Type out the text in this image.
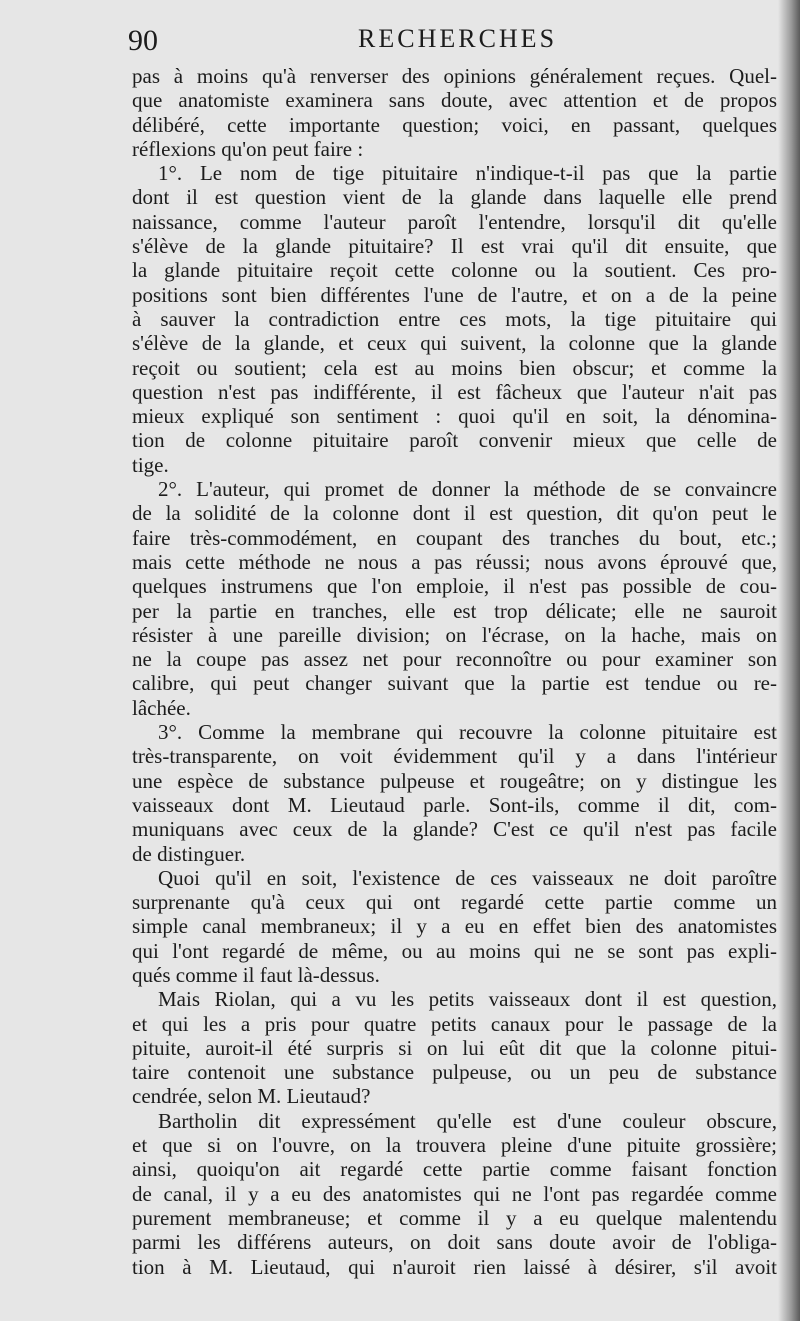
90	RECHERCHES
pas à moins qu'à renverser des opinions généralement reçues. Quel-
que anatomiste examinera sans doute, avec attention et de propos
délibéré, cette importante question; voici, en passant, quelques
réflexions qu'on peut faire :
1°. Le nom de tige pituitaire n'indique-t-il pas que la partie
dont il est question vient de la glande dans laquelle elle prend
naissance, comme l'auteur paroît l'entendre, lorsqu'il dit qu'elle
s'élève de la glande pituitaire? Il est vrai qu'il dit ensuite, que
la glande pituitaire reçoit cette colonne ou la soutient. Ces pro-
positions sont bien différentes l'une de l'autre, et on a de la peine
à sauver la contradiction entre ces mots, la tige pituitaire qui
s'élève de la glande, et ceux qui suivent, la colonne que la glande
reçoit ou soutient; cela est au moins bien obscur; et comme la
question n'est pas indifférente, il est fâcheux que l'auteur n'ait pas
mieux expliqué son sentiment : quoi qu'il en soit, la dénomina-
tion de colonne pituitaire paroît convenir mieux que celle de
tige.
2°. L'auteur, qui promet de donner la méthode de se convaincre
de la solidité de la colonne dont il est question, dit qu'on peut le
faire très-commodément, en coupant des tranches du bout, etc.;
mais cette méthode ne nous a pas réussi; nous avons éprouvé que,
quelques instrumens que l'on emploie, il n'est pas possible de cou-
per la partie en tranches, elle est trop délicate; elle ne sauroit
résister à une pareille division; on l'écrase, on la hache, mais on
ne la coupe pas assez net pour reconnoître ou pour examiner son
calibre, qui peut changer suivant que la partie est tendue ou re-
lâchée.
3°. Comme la membrane qui recouvre la colonne pituitaire est
très-transparente, on voit évidemment qu'il y a dans l'intérieur
une espèce de substance pulpeuse et rougeâtre; on y distingue les
vaisseaux dont M. Lieutaud parle. Sont-ils, comme il dit, com-
muniquans avec ceux de la glande? C'est ce qu'il n'est pas facile
de distinguer.
Quoi qu'il en soit, l'existence de ces vaisseaux ne doit paroître
surprenante qu'à ceux qui ont regardé cette partie comme un
simple canal membraneux; il y a eu en effet bien des anatomistes
qui l'ont regardé de même, ou au moins qui ne se sont pas expli-
qués comme il faut là-dessus.
Mais Riolan, qui a vu les petits vaisseaux dont il est question,
et qui les a pris pour quatre petits canaux pour le passage de la
pituite, auroit-il été surpris si on lui eût dit que la colonne pitui-
taire contenoit une substance pulpeuse, ou un peu de substance
cendrée, selon M. Lieutaud?
Bartholin dit expressément qu'elle est d'une couleur obscure,
et que si on l'ouvre, on la trouvera pleine d'une pituite grossière;
ainsi, quoiqu'on ait regardé cette partie comme faisant fonction
de canal, il y a eu des anatomistes qui ne l'ont pas regardée comme
purement membraneuse; et comme il y a eu quelque malentendu
parmi les différens auteurs, on doit sans doute avoir de l'obliga-
tion à M. Lieutaud, qui n'auroit rien laissé à désirer, s'il avoit
